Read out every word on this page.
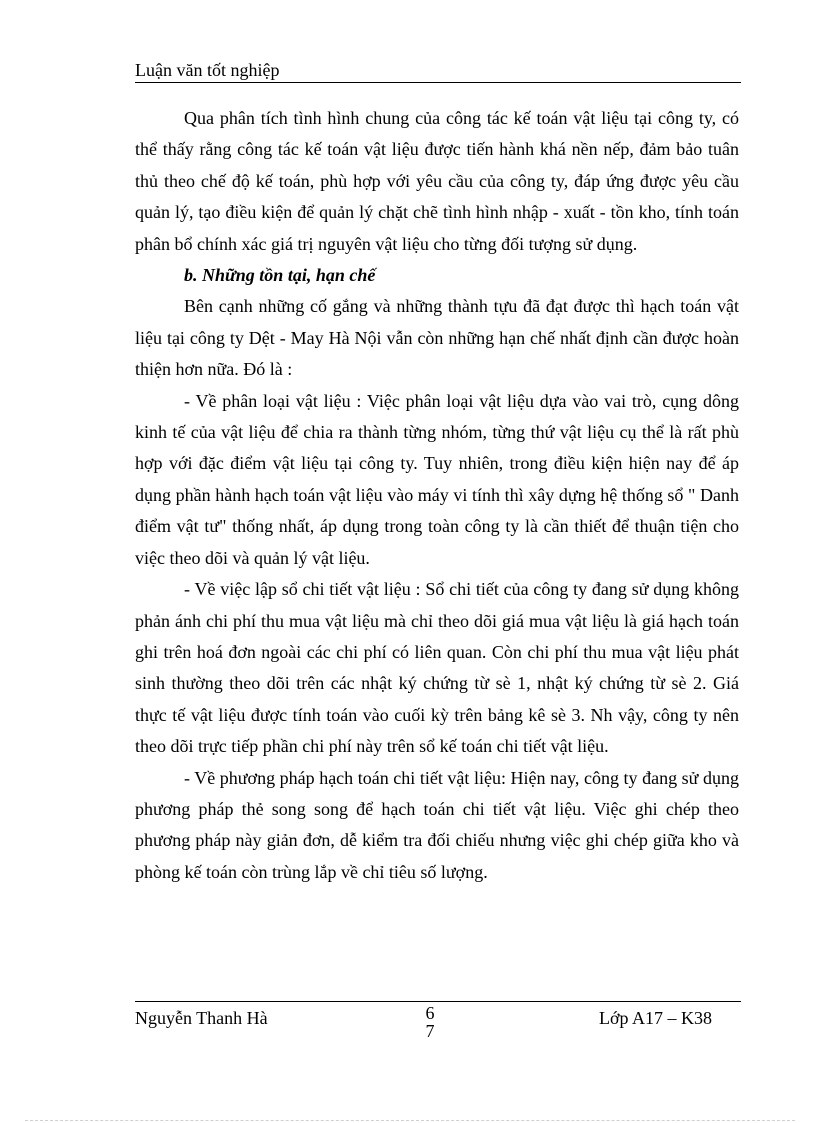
Luận văn tốt nghiệp

Qua phân tích tình hình chung của công tác kế toán vật liệu tại công ty, có thể thấy rằng công tác kế toán vật liệu được tiến hành khá nền nếp, đảm bảo tuân thủ theo chế độ kế toán, phù hợp với yêu cầu của công ty, đáp ứng được yêu cầu quản lý, tạo điều kiện để quản lý chặt chẽ tình hình nhập - xuất - tồn kho, tính toán phân bổ chính xác giá trị nguyên vật liệu cho từng đối tượng sử dụng.

b. Những tồn tại, hạn chế

Bên cạnh những cố gắng và những thành tựu đã đạt được thì hạch toán vật liệu tại công ty Dệt - May Hà Nội vẫn còn những hạn chế nhất định cần được hoàn thiện hơn nữa. Đó là :

- Về phân loại vật liệu : Việc phân loại vật liệu dựa vào vai trò, cụng dông kinh tế của vật liệu để chia ra thành từng nhóm, từng thứ vật liệu cụ thể là rất phù hợp với đặc điểm vật liệu tại công ty. Tuy nhiên, trong điều kiện hiện nay để áp dụng phần hành hạch toán vật liệu vào máy vi tính thì xây dựng hệ thống sổ " Danh điểm vật tư" thống nhất, áp dụng trong toàn công ty là cần thiết để thuận tiện cho việc theo dõi và quản lý vật liệu.

- Về việc lập sổ chi tiết vật liệu : Sổ chi tiết của công ty đang sử dụng không phản ánh chi phí thu mua vật liệu mà chỉ theo dõi giá mua vật liệu là giá hạch toán ghi trên hoá đơn ngoài các chi phí có liên quan. Còn chi phí thu mua vật liệu phát sinh thường theo dõi trên các nhật ký chứng từ sè 1, nhật ký chứng từ sè 2. Giá thực tế vật liệu được tính toán vào cuối kỳ trên bảng kê sè 3. Nh vậy, công ty nên theo dõi trực tiếp phần chi phí này trên sổ kế toán chi tiết vật liệu.

- Về phương pháp hạch toán chi tiết vật liệu: Hiện nay, công ty đang sử dụng phương pháp thẻ song song để hạch toán chi tiết vật liệu. Việc ghi chép theo phương pháp này giản đơn, dễ kiểm tra đối chiếu nhưng việc ghi chép giữa kho và phòng kế toán còn trùng lắp về chỉ tiêu số lượng.

Nguyễn Thanh Hà	6
7
Lớp A17 – K38
